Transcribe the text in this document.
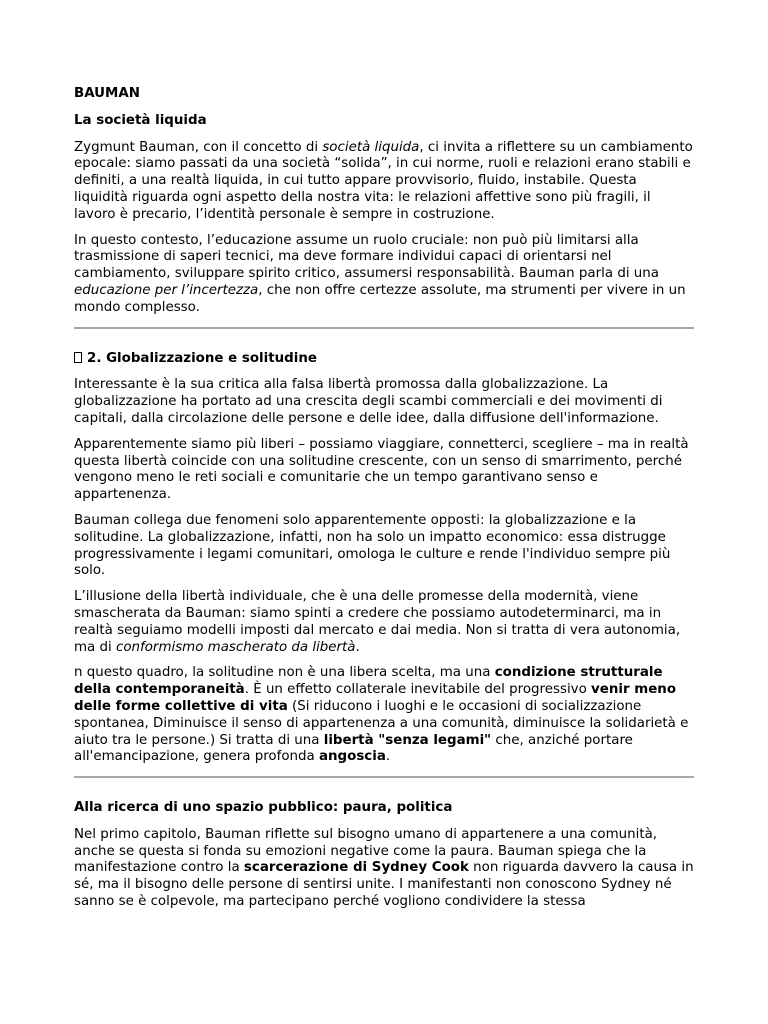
BAUMAN
La società liquida

Zygmunt Bauman, con il concetto di società liquida, ci invita a riflettere su un cambiamento epocale: siamo passati da una società “solida”, in cui norme, ruoli e relazioni erano stabili e definiti, a una realtà liquida, in cui tutto appare provvisorio, fluido, instabile. Questa liquidità riguarda ogni aspetto della nostra vita: le relazioni affettive sono più fragili, il lavoro è precario, l’identità personale è sempre in costruzione.

In questo contesto, l’educazione assume un ruolo cruciale: non può più limitarsi alla trasmissione di saperi tecnici, ma deve formare individui capaci di orientarsi nel cambiamento, sviluppare spirito critico, assumersi responsabilità. Bauman parla di una educazione per l’incertezza, che non offre certezze assolute, ma strumenti per vivere in un mondo complesso.

2. Globalizzazione e solitudine

Interessante è la sua critica alla falsa libertà promossa dalla globalizzazione. La globalizzazione ha portato ad una crescita degli scambi commerciali e dei movimenti di capitali, dalla circolazione delle persone e delle idee, dalla diffusione dell'informazione.

Apparentemente siamo più liberi – possiamo viaggiare, connetterci, scegliere – ma in realtà questa libertà coincide con una solitudine crescente, con un senso di smarrimento, perché vengono meno le reti sociali e comunitarie che un tempo garantivano senso e appartenenza.

Bauman collega due fenomeni solo apparentemente opposti: la globalizzazione e la solitudine. La globalizzazione, infatti, non ha solo un impatto economico: essa distrugge progressivamente i legami comunitari, omologa le culture e rende l'individuo sempre più solo.

L’illusione della libertà individuale, che è una delle promesse della modernità, viene smascherata da Bauman: siamo spinti a credere che possiamo autodeterminarci, ma in realtà seguiamo modelli imposti dal mercato e dai media. Non si tratta di vera autonomia, ma di conformismo mascherato da libertà.

n questo quadro, la solitudine non è una libera scelta, ma una condizione strutturale della contemporaneità. È un effetto collaterale inevitabile del progressivo venir meno delle forme collettive di vita (Si riducono i luoghi e le occasioni di socializzazione spontanea, Diminuisce il senso di appartenenza a una comunità, diminuisce la solidarietà e aiuto tra le persone.) Si tratta di una libertà "senza legami" che, anziché portare all'emancipazione, genera profonda angoscia.

Alla ricerca di uno spazio pubblico: paura, politica

Nel primo capitolo, Bauman riflette sul bisogno umano di appartenere a una comunità, anche se questa si fonda su emozioni negative come la paura. Bauman spiega che la manifestazione contro la scarcerazione di Sydney Cook non riguarda davvero la causa in sé, ma il bisogno delle persone di sentirsi unite. I manifestanti non conoscono Sydney né sanno se è colpevole, ma partecipano perché vogliono condividere la stessa
